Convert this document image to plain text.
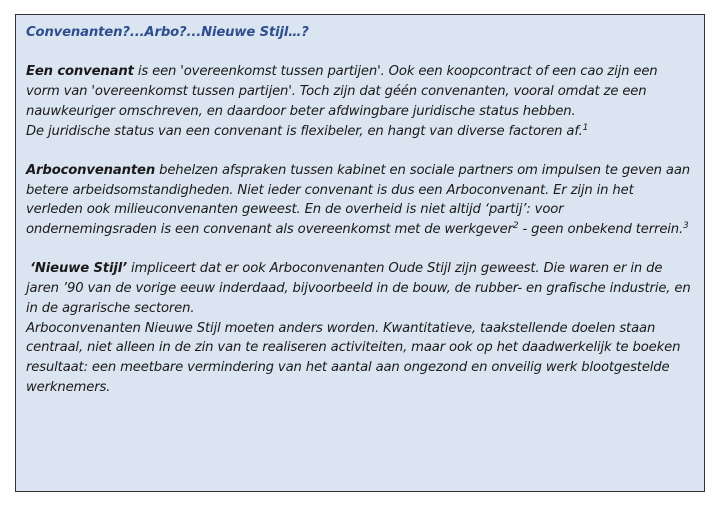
Convenanten?...Arbo?...Nieuwe Stijl…?

Een convenant is een 'overeenkomst tussen partijen'. Ook een koopcontract of een cao zijn een vorm van 'overeenkomst tussen partijen'. Toch zijn dat géén convenanten, vooral omdat ze een nauwkeuriger omschreven, en daardoor beter afdwingbare juridische status hebben.

De juridische status van een convenant is flexibeler, en hangt van diverse factoren af.$^1$

Arboconvenanten behelzen afspraken tussen kabinet en sociale partners om impulsen te geven aan betere arbeidsomstandigheden. Niet ieder convenant is dus een Arboconvenant. Er zijn in het verleden ook milieuconvenanten geweest. En de overheid is niet altijd ‘partij’: voor ondernemingsraden is een convenant als overeenkomst met de werkgever$^2$ - geen onbekend terrein.$^3$

‘Nieuwe Stijl’ impliceert dat er ook Arboconvenanten Oude Stijl zijn geweest. Die waren er in de jaren ’90 van de vorige eeuw inderdaad, bijvoorbeeld in de bouw, de rubber- en grafische industrie, en in de agrarische sectoren.

Arboconvenanten Nieuwe Stijl moeten anders worden. Kwantitatieve, taakstellende doelen staan centraal, niet alleen in de zin van te realiseren activiteiten, maar ook op het daadwerkelijk te boeken resultaat: een meetbare vermindering van het aantal aan ongezond en onveilig werk blootgestelde werknemers.
